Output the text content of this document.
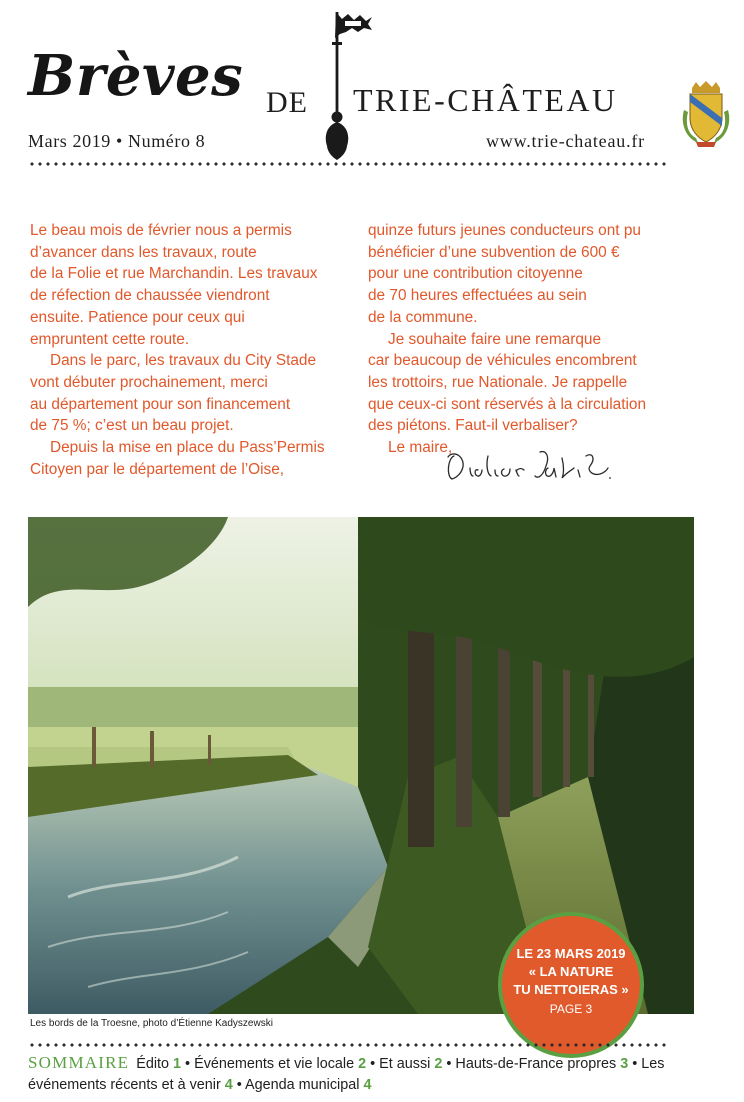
Brèves DE TRIE-CHÂTEAU
Mars 2019 • Numéro 8	www.trie-chateau.fr

Le beau mois de février nous a permis

d’avancer dans les travaux, route

de la Folie et rue Marchandin. Les travaux

de réfection de chaussée viendront

ensuite. Patience pour ceux qui

empruntent cette route.

Dans le parc, les travaux du City Stade

vont débuter prochainement, merci

au département pour son financement

de 75 %; c’est un beau projet.

Depuis la mise en place du Pass’Permis

Citoyen par le département de l’Oise,

quinze futurs jeunes conducteurs ont pu

bénéficier d’une subvention de 600 €

pour une contribution citoyenne

de 70 heures effectuées au sein

de la commune.

Je souhaite faire une remarque

car beaucoup de véhicules encombrent

les trottoirs, rue Nationale. Je rappelle

que ceux-ci sont réservés à la circulation

des piétons. Faut-il verbaliser?

Le maire,

Les bords de la Troesne, photo d’Étienne Kadyszewski
LE 23 MARS 2019
« LA NATURE
TU NETTOIERAS »
PAGE 3
SOMMAIRE Édito 1 • Événements et vie locale 2 • Et aussi 2 • Hauts-de-France propres 3 • Les événements récents et à venir 4 • Agenda municipal 4
